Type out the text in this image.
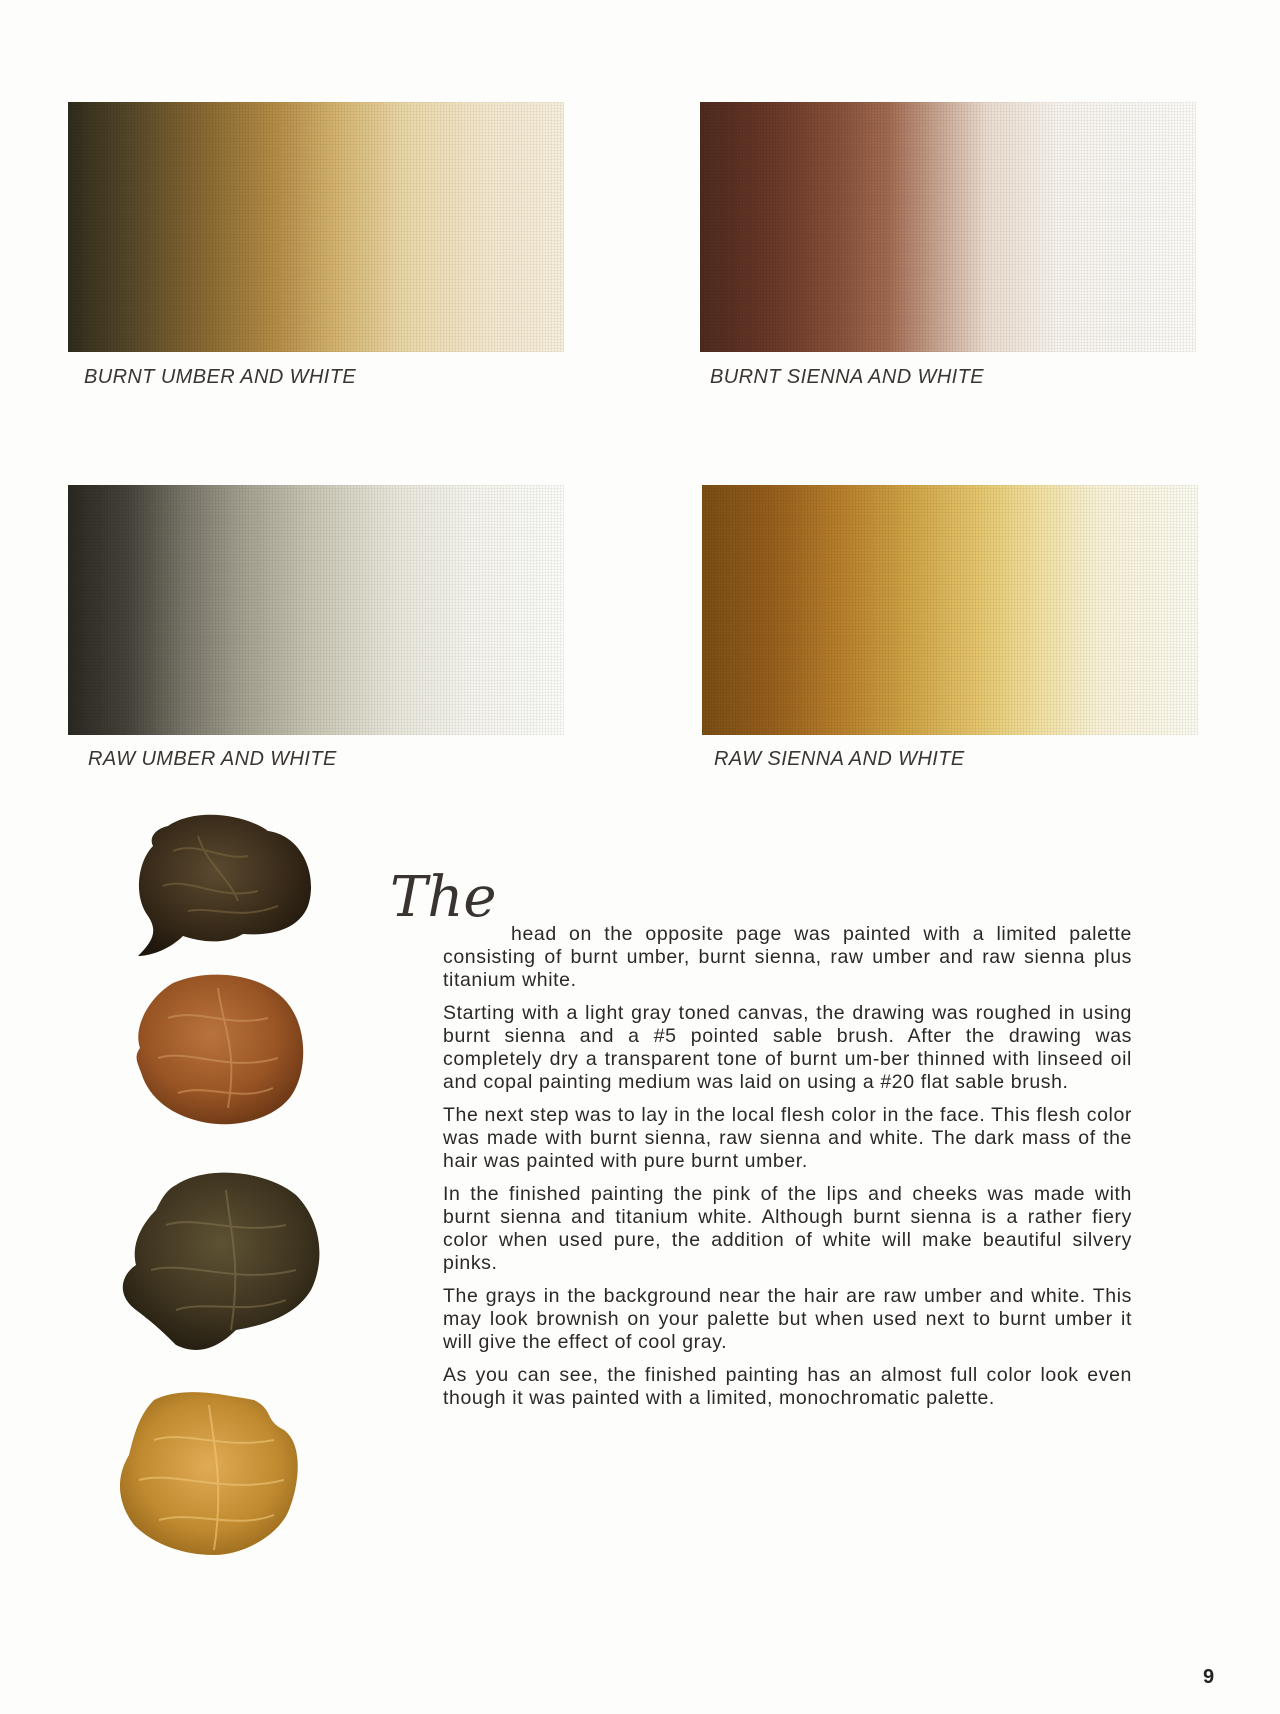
BURNT UMBER AND WHITE	BURNT SIENNA AND WHITE
RAW UMBER AND WHITE	RAW SIENNA AND WHITE
The

head on the opposite page was painted with a limited palette consisting of burnt umber, burnt sienna, raw umber and raw sienna plus titanium white.

Starting with a light gray toned canvas, the drawing was roughed in using burnt sienna and a #5 pointed sable brush. After the drawing was completely dry a transparent tone of burnt um-ber thinned with linseed oil and copal painting medium was laid on using a #20 flat sable brush.

The next step was to lay in the local flesh color in the face. This flesh color was made with burnt sienna, raw sienna and white. The dark mass of the hair was painted with pure burnt umber.

In the finished painting the pink of the lips and cheeks was made with burnt sienna and titanium white. Although burnt sienna is a rather fiery color when used pure, the addition of white will make beautiful silvery pinks.

The grays in the background near the hair are raw umber and white. This may look brownish on your palette but when used next to burnt umber it will give the effect of cool gray.

As you can see, the finished painting has an almost full color look even though it was painted with a limited, monochromatic palette.

9
